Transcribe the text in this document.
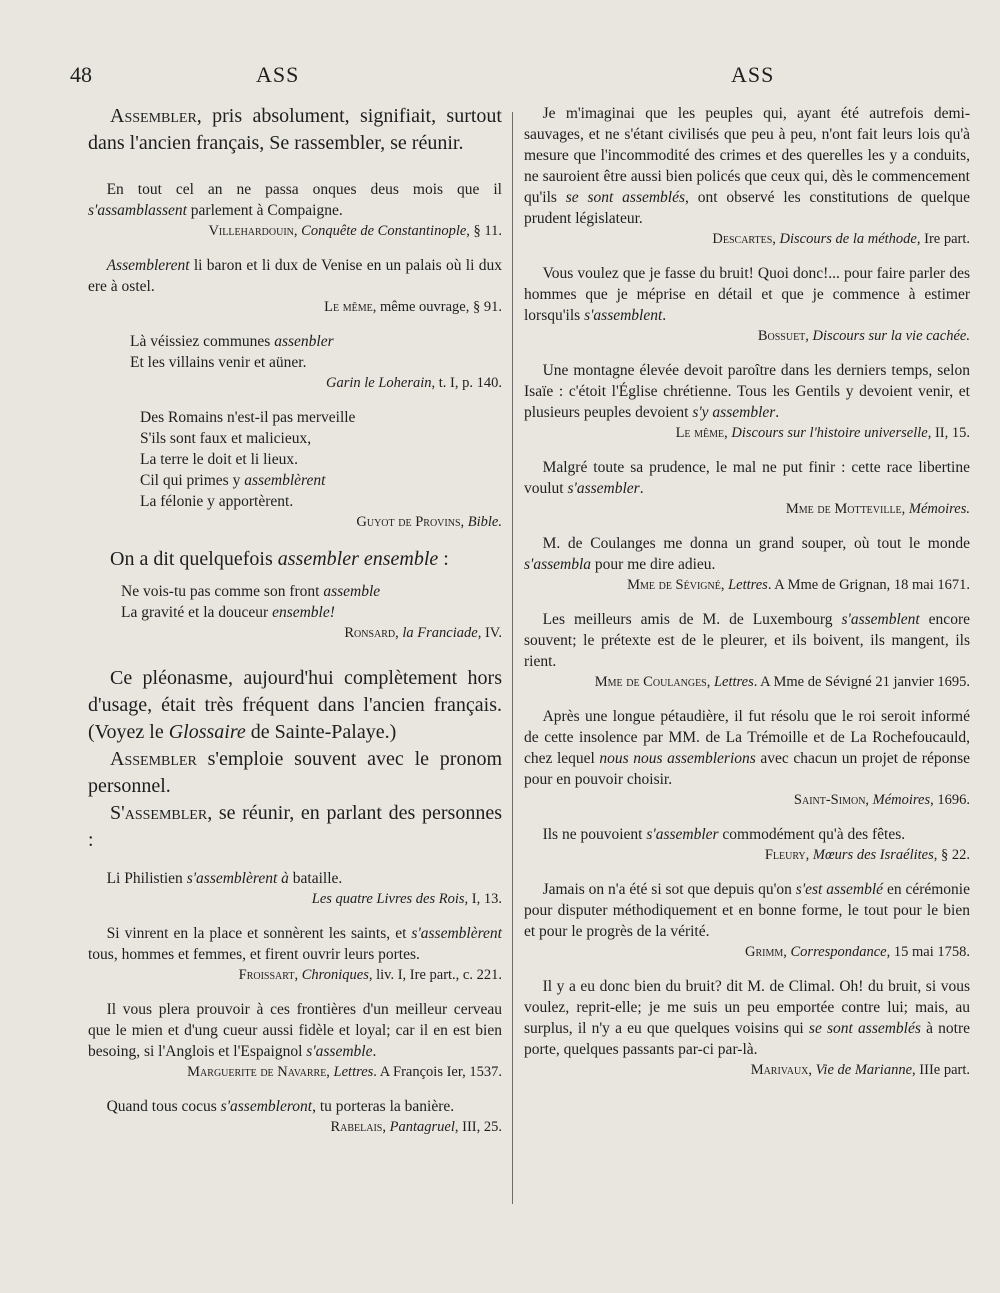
48	ASS	ASS

Assembler, pris absolument, signifiait, surtout dans l'ancien français, Se rassembler, se réunir.

En tout cel an ne passa onques deus mois que il s'assamblassent parlement à Compaigne.

Villehardouin, Conquête de Constantinople, § 11.

Assemblerent li baron et li dux de Venise en un palais où li dux ere à ostel.

Le même, même ouvrage, § 91.

Là véissiez communes assenbler

Et les villains venir et aüner.

Garin le Loherain, t. I, p. 140.

Des Romains n'est-il pas merveille

S'ils sont faux et malicieux,

La terre le doit et li lieux.

Cil qui primes y assemblèrent

La félonie y apportèrent.

Guyot de Provins, Bible.

On a dit quelquefois assembler ensemble :

Ne vois-tu pas comme son front assemble

La gravité et la douceur ensemble!

Ronsard, la Franciade, IV.

Ce pléonasme, aujourd'hui complètement hors d'usage, était très fréquent dans l'ancien français. (Voyez le Glossaire de Sainte-Palaye.)

Assembler s'emploie souvent avec le pronom personnel.

S'assembler, se réunir, en parlant des personnes :

Li Philistien s'assemblèrent à bataille.

Les quatre Livres des Rois, I, 13.

Si vinrent en la place et sonnèrent les saints, et s'assemblèrent tous, hommes et femmes, et firent ouvrir leurs portes.

Froissart, Chroniques, liv. I, Ire part., c. 221.

Il vous plera prouvoir à ces frontières d'un meilleur cerveau que le mien et d'ung cueur aussi fidèle et loyal; car il en est bien besoing, si l'Anglois et l'Espaignol s'assemble.

Marguerite de Navarre, Lettres. A François Ier, 1537.

Quand tous cocus s'assembleront, tu porteras la banière.

Rabelais, Pantagruel, III, 25.

Je m'imaginai que les peuples qui, ayant été autrefois demi-sauvages, et ne s'étant civilisés que peu à peu, n'ont fait leurs lois qu'à mesure que l'incommodité des crimes et des querelles les y a conduits, ne sauroient être aussi bien policés que ceux qui, dès le commencement qu'ils se sont assemblés, ont observé les constitutions de quelque prudent législateur.

Descartes, Discours de la méthode, Ire part.

Vous voulez que je fasse du bruit! Quoi donc!... pour faire parler des hommes que je méprise en détail et que je commence à estimer lorsqu'ils s'assemblent.

Bossuet, Discours sur la vie cachée.

Une montagne élevée devoit paroître dans les derniers temps, selon Isaïe : c'étoit l'Église chrétienne. Tous les Gentils y devoient venir, et plusieurs peuples devoient s'y assembler.

Le même, Discours sur l'histoire universelle, II, 15.

Malgré toute sa prudence, le mal ne put finir : cette race libertine voulut s'assembler.

Mme de Motteville, Mémoires.

M. de Coulanges me donna un grand souper, où tout le monde s'assembla pour me dire adieu.

Mme de Sévigné, Lettres. A Mme de Grignan, 18 mai 1671.

Les meilleurs amis de M. de Luxembourg s'assemblent encore souvent; le prétexte est de le pleurer, et ils boivent, ils mangent, ils rient.

Mme de Coulanges, Lettres. A Mme de Sévigné 21 janvier 1695.

Après une longue pétaudière, il fut résolu que le roi seroit informé de cette insolence par MM. de La Trémoille et de La Rochefoucauld, chez lequel nous nous assemblerions avec chacun un projet de réponse pour en pouvoir choisir.

Saint-Simon, Mémoires, 1696.

Ils ne pouvoient s'assembler commodément qu'à des fêtes.

Fleury, Mœurs des Israélites, § 22.

Jamais on n'a été si sot que depuis qu'on s'est assemblé en cérémonie pour disputer méthodiquement et en bonne forme, le tout pour le bien et pour le progrès de la vérité.

Grimm, Correspondance, 15 mai 1758.

Il y a eu donc bien du bruit? dit M. de Climal. Oh! du bruit, si vous voulez, reprit-elle; je me suis un peu emportée contre lui; mais, au surplus, il n'y a eu que quelques voisins qui se sont assemblés à notre porte, quelques passants par-ci par-là.

Marivaux, Vie de Marianne, IIIe part.
